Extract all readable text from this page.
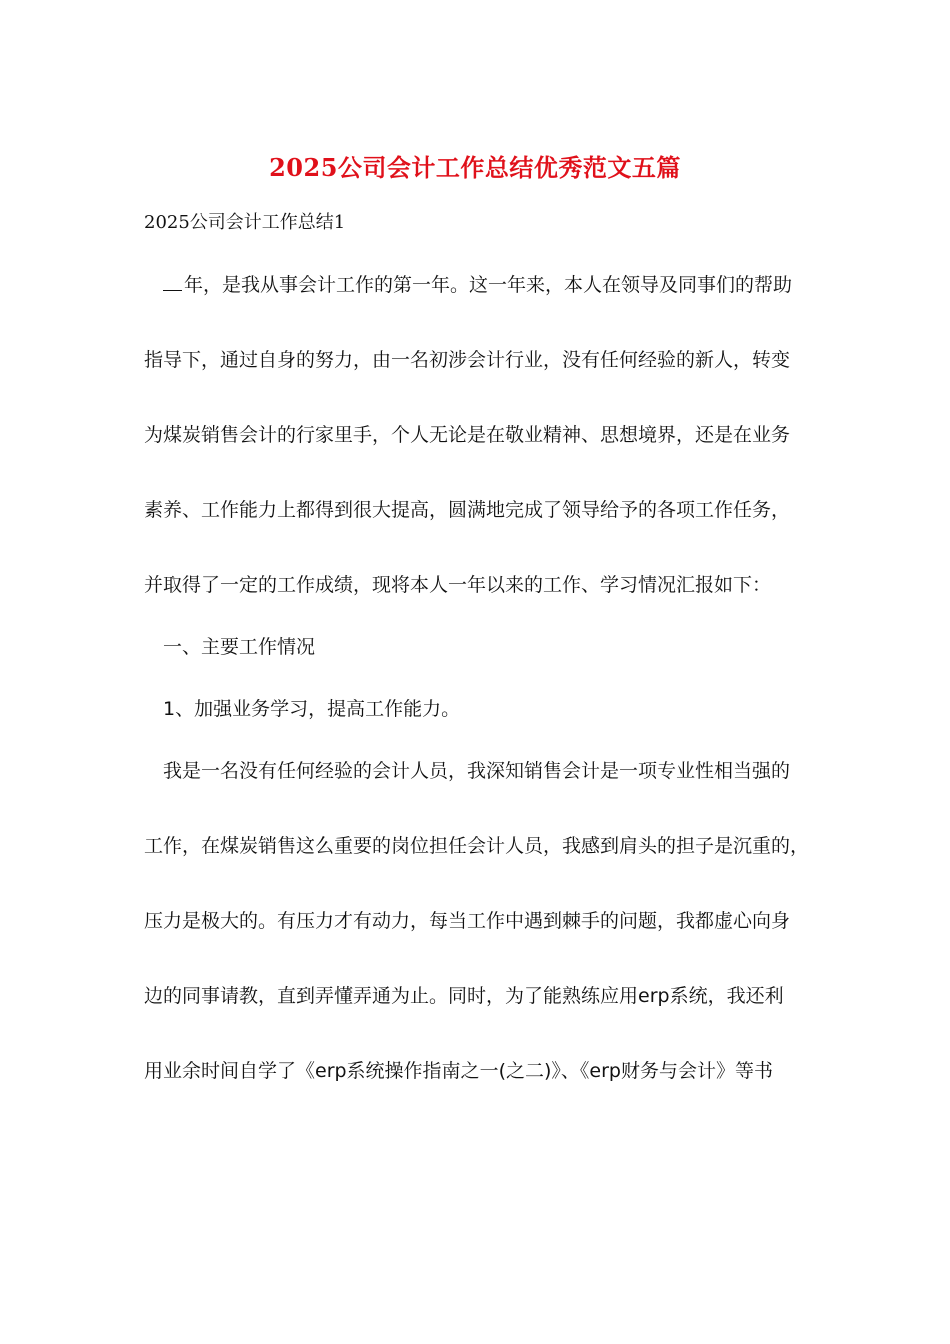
2025公司会计工作总结优秀范文五篇
2025公司会计工作总结1
年，是我从事会计工作的第一年。这一年来，本人在领导及同事们的帮助
指导下，通过自身的努力，由一名初涉会计行业，没有任何经验的新人，转变
为煤炭销售会计的行家里手，个人无论是在敬业精神、思想境界，还是在业务
素养、工作能力上都得到很大提高，圆满地完成了领导给予的各项工作任务，
并取得了一定的工作成绩，现将本人一年以来的工作、学习情况汇报如下：
一、主要工作情况
1、加强业务学习，提高工作能力。
我是一名没有任何经验的会计人员，我深知销售会计是一项专业性相当强的
工作，在煤炭销售这么重要的岗位担任会计人员，我感到肩头的担子是沉重的，
压力是极大的。有压力才有动力，每当工作中遇到棘手的问题，我都虚心向身
边的同事请教，直到弄懂弄通为止。同时，为了能熟练应用erp系统，我还利
用业余时间自学了《erp系统操作指南之一(之二)》、《erp财务与会计》等书
